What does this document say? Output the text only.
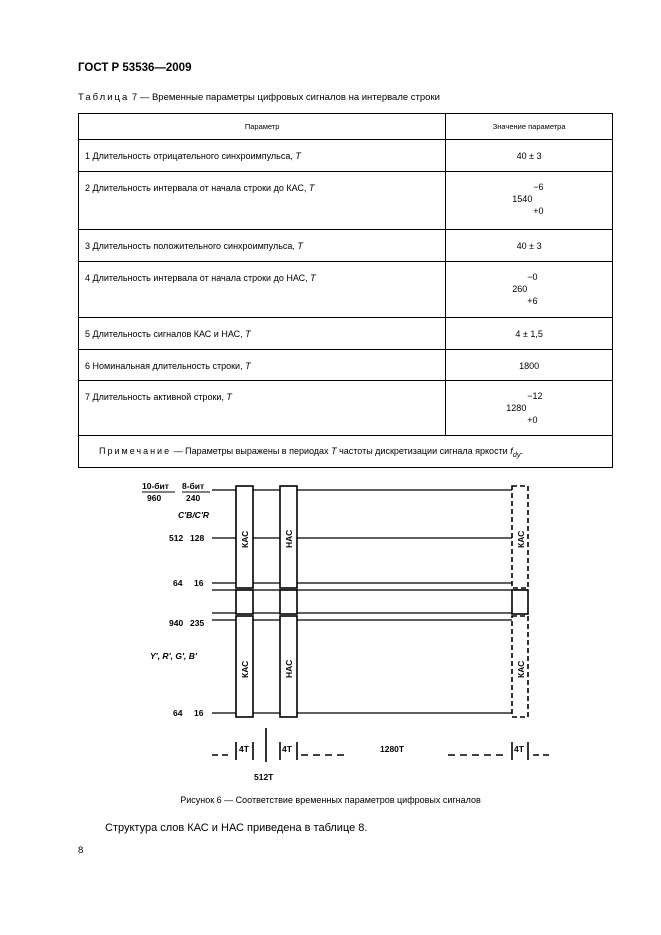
ГОСТ Р 53536—2009
Таблица 7 — Временные параметры цифровых сигналов на интервале строки
Параметр	Значение параметра
1 Длительность отрицательного синхроимпульса, T	40 ± 3
2 Длительность интервала от начала строки до КАС, T	−6
1540
+0

3 Длительность положительного синхроимпульса, T	40 ± 3
4 Длительность интервала от начала строки до НАС, T	−0
260
+6

5 Длительность сигналов КАС и НАС, T	4 ± 1,5
6 Номинальная длительность строки, T	1800
7 Длительность активной строки, T	−12
1280
+0

Примечание — Параметры выражены в периодах T частоты дискретизации сигнала яркости $f_{dy}$.	
10-бит
960
8-бит
240
C′B/C′R
Y′, R′, G′, B′
512 128
64 16
940 235
64 16
КАС	НАС	КАС
КАС	НАС	КАС
4T	4T	4T
1280T
512T
Рисунок 6 — Соответствие временных параметров цифровых сигналов
Структура слов КАС и НАС приведена в таблице 8.
8
